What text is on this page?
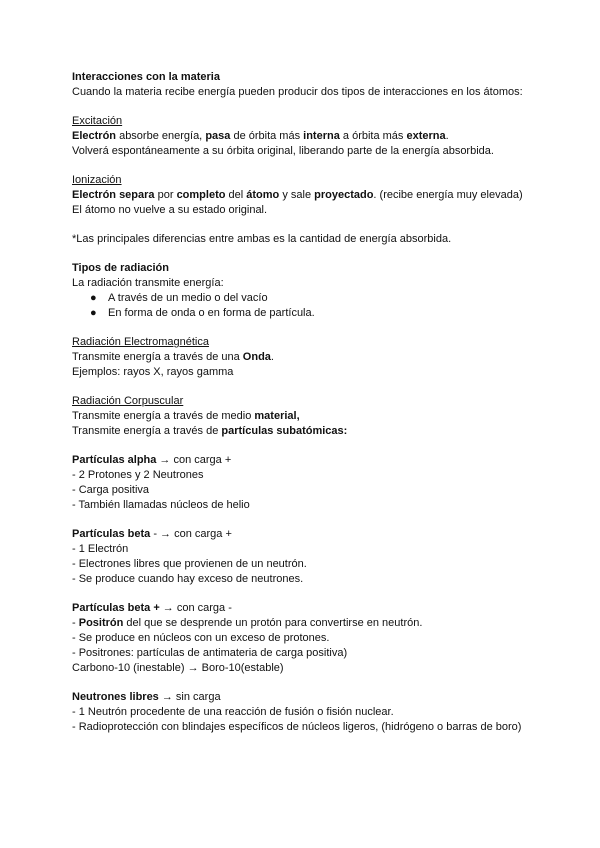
Interacciones con la materia
Cuando la materia recibe energía pueden producir dos tipos de interacciones en los átomos:
Excitación
Electrón absorbe energía, pasa de órbita más interna a órbita más externa.
Volverá espontáneamente a su órbita original, liberando parte de la energía absorbida.
Ionización
Electrón separa por completo del átomo y sale proyectado. (recibe energía muy elevada)
El átomo no vuelve a su estado original.
*Las principales diferencias entre ambas es la cantidad de energía absorbida.
Tipos de radiación
La radiación transmite energía:
● A través de un medio o del vacío
● En forma de onda o en forma de partícula.
Radiación Electromagnética
Transmite energía a través de una Onda.
Ejemplos: rayos X, rayos gamma
Radiación Corpuscular
Transmite energía a través de medio material,
Transmite energía a través de partículas subatómicas:
Partículas alpha → con carga +
- 2 Protones y 2 Neutrones
- Carga positiva
- También llamadas núcleos de helio
Partículas beta - → con carga +
- 1 Electrón
- Electrones libres que provienen de un neutrón.
- Se produce cuando hay exceso de neutrones.
Partículas beta + → con carga -
- Positrón del que se desprende un protón para convertirse en neutrón.
- Se produce en núcleos con un exceso de protones.
- Positrones: partículas de antimateria de carga positiva)
Carbono-10 (inestable) → Boro-10(estable)
Neutrones libres → sin carga
- 1 Neutrón procedente de una reacción de fusión o fisión nuclear.
- Radioprotección con blindajes específicos de núcleos ligeros, (hidrógeno o barras de boro)
